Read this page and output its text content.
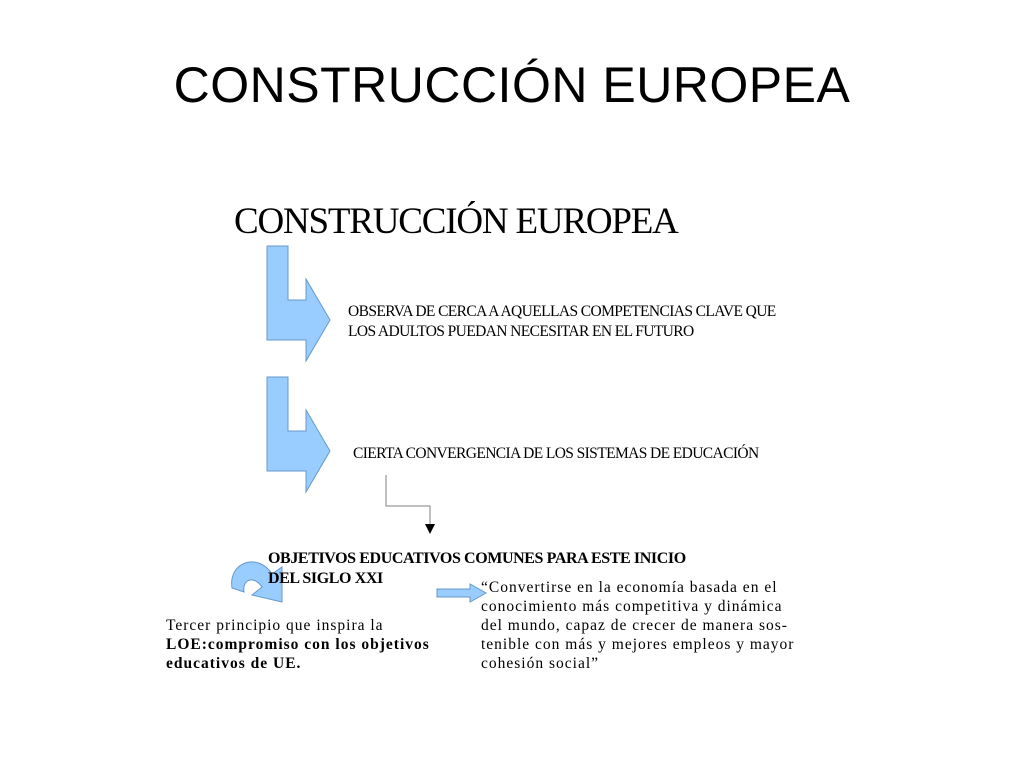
CONSTRUCCIÓN EUROPEA
CONSTRUCCIÓN EUROPEA
OBSERVA DE CERCA A AQUELLAS COMPETENCIAS CLAVE QUE
LOS ADULTOS PUEDAN NECESITAR EN EL FUTURO
CIERTA CONVERGENCIA DE LOS SISTEMAS DE EDUCACIÓN
OBJETIVOS EDUCATIVOS COMUNES PARA ESTE INICIO
DEL SIGLO XXI
Tercer principio que inspira la
LOE:compromiso con los objetivos
educativos de UE.
“Convertirse en la economía basada en el
conocimiento más competitiva y dinámica
del mundo, capaz de crecer de manera sos-
tenible con más y mejores empleos y mayor
cohesión social”
